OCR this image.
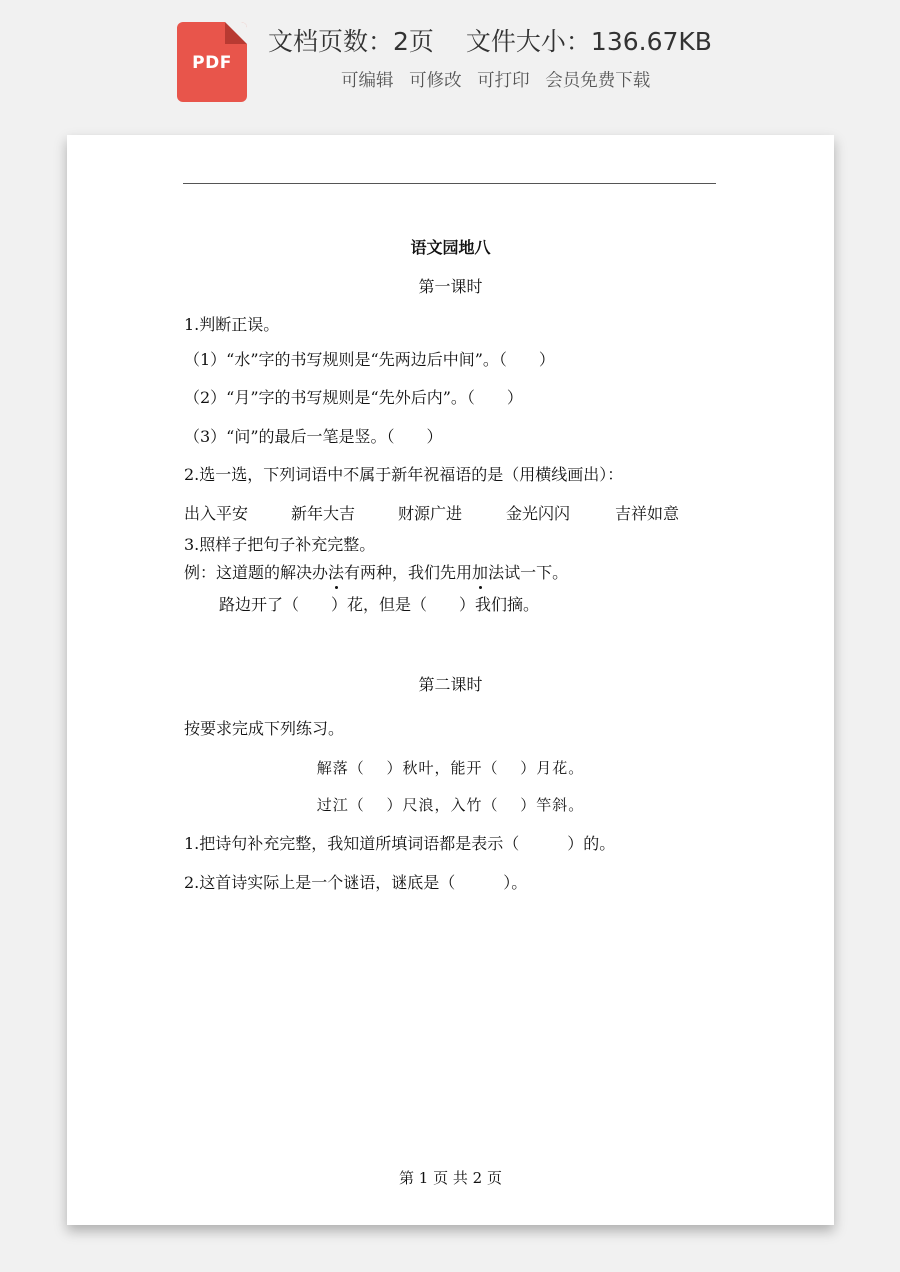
PDF
文档页数：2页 文件大小：136.67KB
可编辑 可修改 可打印 会员免费下载
语文园地八
第一课时
1.判断正误。
（1）“水”字的书写规则是“先两边后中间”。（　　）
（2）“月”字的书写规则是“先外后内”。（　　）
（3）“问”的最后一笔是竖。（　　）
2.选一选，下列词语中不属于新年祝福语的是（用横线画出）：
出入平安	新年大吉	财源广进	金光闪闪	吉祥如意
3.照样子把句子补充完整。
例：这道题的解决办法有两种，我们先用加法试一下。
路边开了（　　）花，但是（　　）我们摘。
第二课时
按要求完成下列练习。
解落（　 ）秋叶，能开（　 ）月花。
过江（　 ）尺浪，入竹（　 ）竿斜。
1.把诗句补充完整，我知道所填词语都是表示（　　　）的。
2.这首诗实际上是一个谜语，谜底是（　　　）。
第 1 页 共 2 页
